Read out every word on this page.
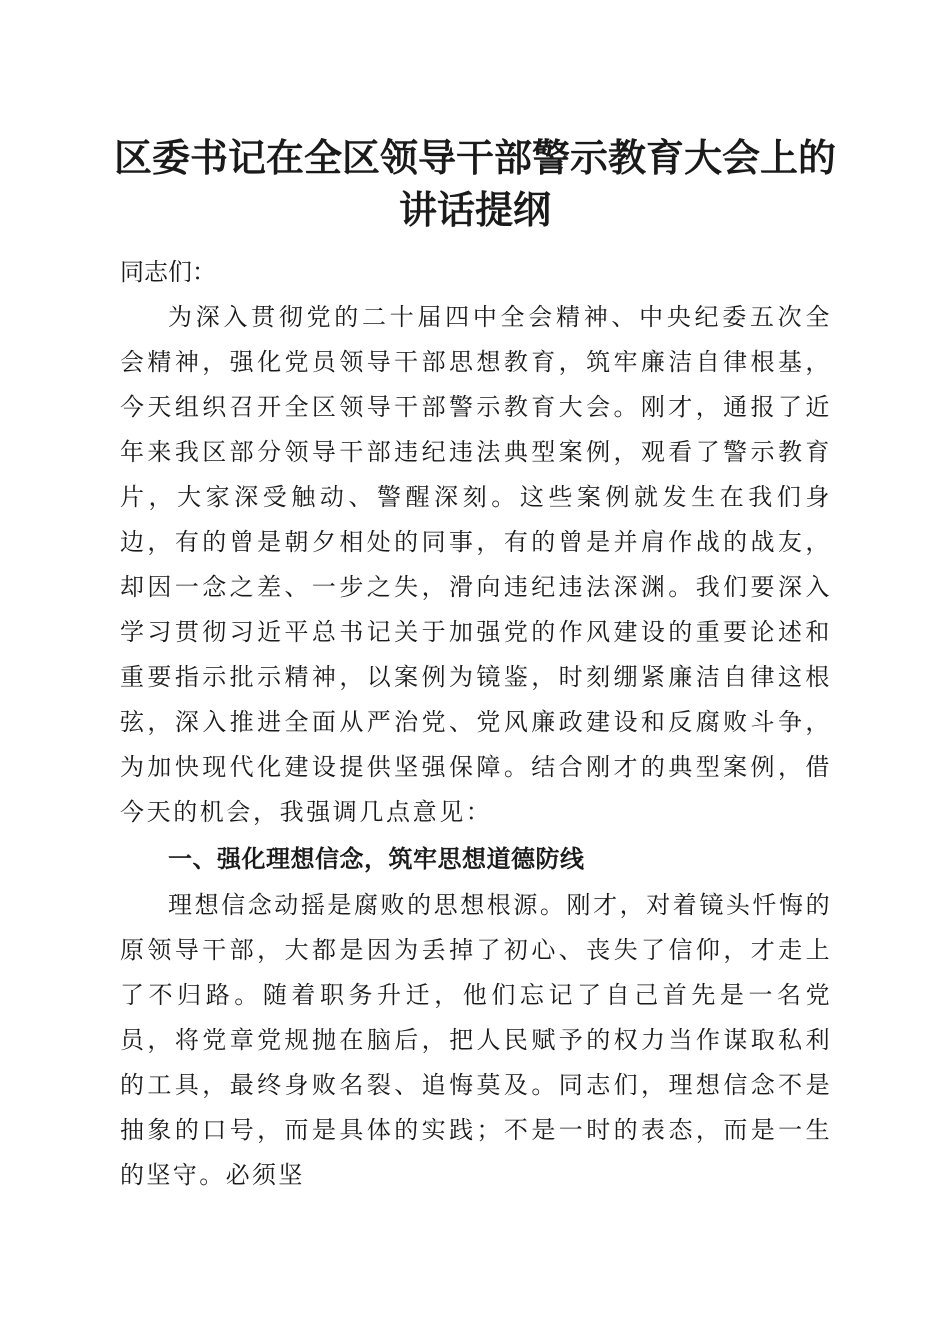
区委书记在全区领导干部警示教育大会上的讲话提纲

同志们：

为深入贯彻党的二十届四中全会精神、中央纪委五次全会精神，强化党员领导干部思想教育，筑牢廉洁自律根基，今天组织召开全区领导干部警示教育大会。刚才，通报了近年来我区部分领导干部违纪违法典型案例，观看了警示教育片，大家深受触动、警醒深刻。这些案例就发生在我们身边，有的曾是朝夕相处的同事，有的曾是并肩作战的战友，却因一念之差、一步之失，滑向违纪违法深渊。我们要深入学习贯彻习近平总书记关于加强党的作风建设的重要论述和重要指示批示精神，以案例为镜鉴，时刻绷紧廉洁自律这根弦，深入推进全面从严治党、党风廉政建设和反腐败斗争，为加快现代化建设提供坚强保障。结合刚才的典型案例，借今天的机会，我强调几点意见：

一、强化理想信念，筑牢思想道德防线

理想信念动摇是腐败的思想根源。刚才，对着镜头忏悔的原领导干部，大都是因为丢掉了初心、丧失了信仰，才走上了不归路。随着职务升迁，他们忘记了自己首先是一名党员，将党章党规抛在脑后，把人民赋予的权力当作谋取私利的工具，最终身败名裂、追悔莫及。同志们，理想信念不是抽象的口号，而是具体的实践；不是一时的表态，而是一生的坚守。必须坚
